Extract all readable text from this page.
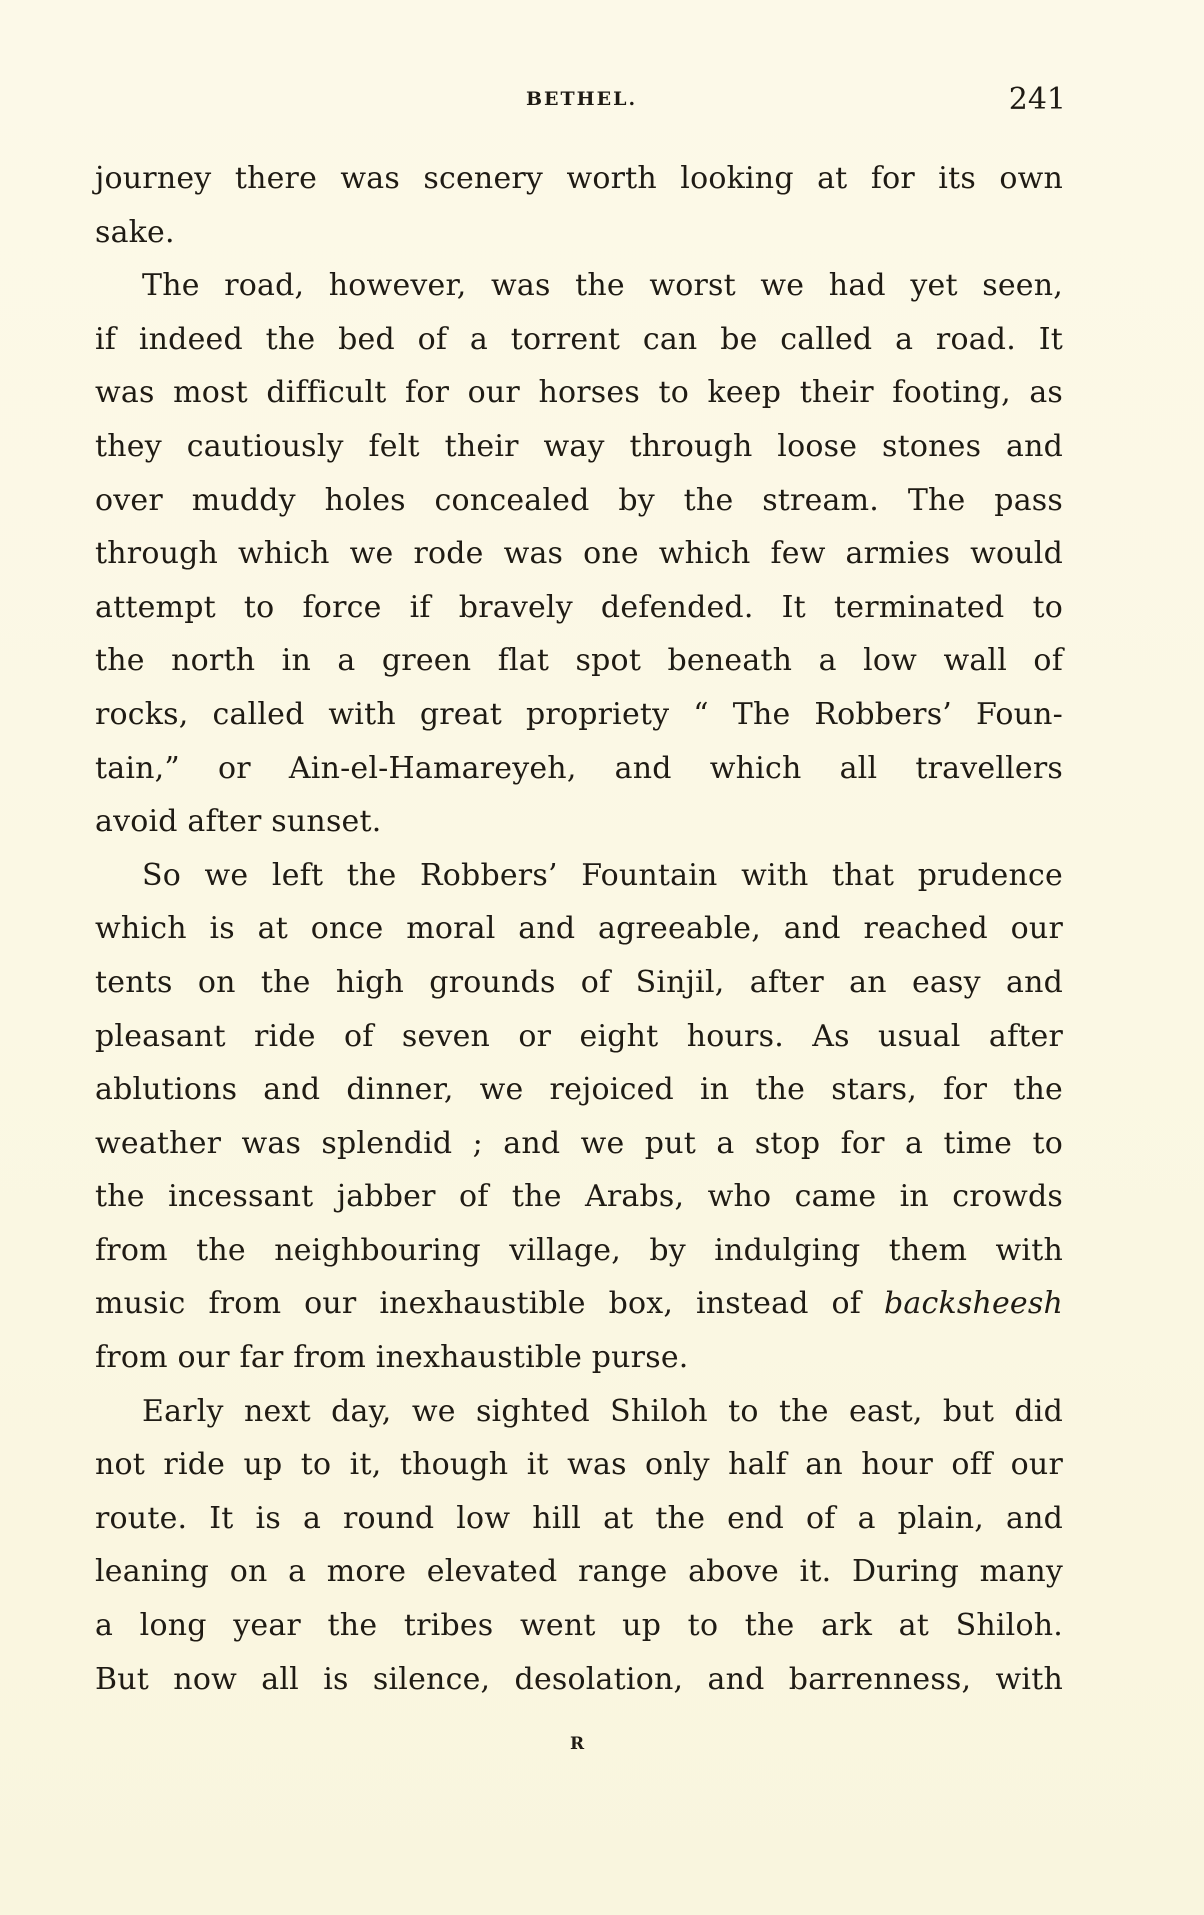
BETHEL.	241
journey there was scenery worth looking at for its own
sake.
The road, however, was the worst we had yet seen,
if indeed the bed of a torrent can be called a road. It
was most difficult for our horses to keep their footing, as
they cautiously felt their way through loose stones and
over muddy holes concealed by the stream. The pass
through which we rode was one which few armies would
attempt to force if bravely defended. It terminated to
the north in a green flat spot beneath a low wall of
rocks, called with great propriety “ The Robbers’ Foun-
tain,” or Ain-el-Hamareyeh, and which all travellers
avoid after sunset.
So we left the Robbers’ Fountain with that prudence
which is at once moral and agreeable, and reached our
tents on the high grounds of Sinjil, after an easy and
pleasant ride of seven or eight hours. As usual after
ablutions and dinner, we rejoiced in the stars, for the
weather was splendid ; and we put a stop for a time to
the incessant jabber of the Arabs, who came in crowds
from the neighbouring village, by indulging them with
music from our inexhaustible box, instead of backsheesh
from our far from inexhaustible purse.
Early next day, we sighted Shiloh to the east, but did
not ride up to it, though it was only half an hour off our
route. It is a round low hill at the end of a plain, and
leaning on a more elevated range above it. During many
a long year the tribes went up to the ark at Shiloh.
But now all is silence, desolation, and barrenness, with
R
